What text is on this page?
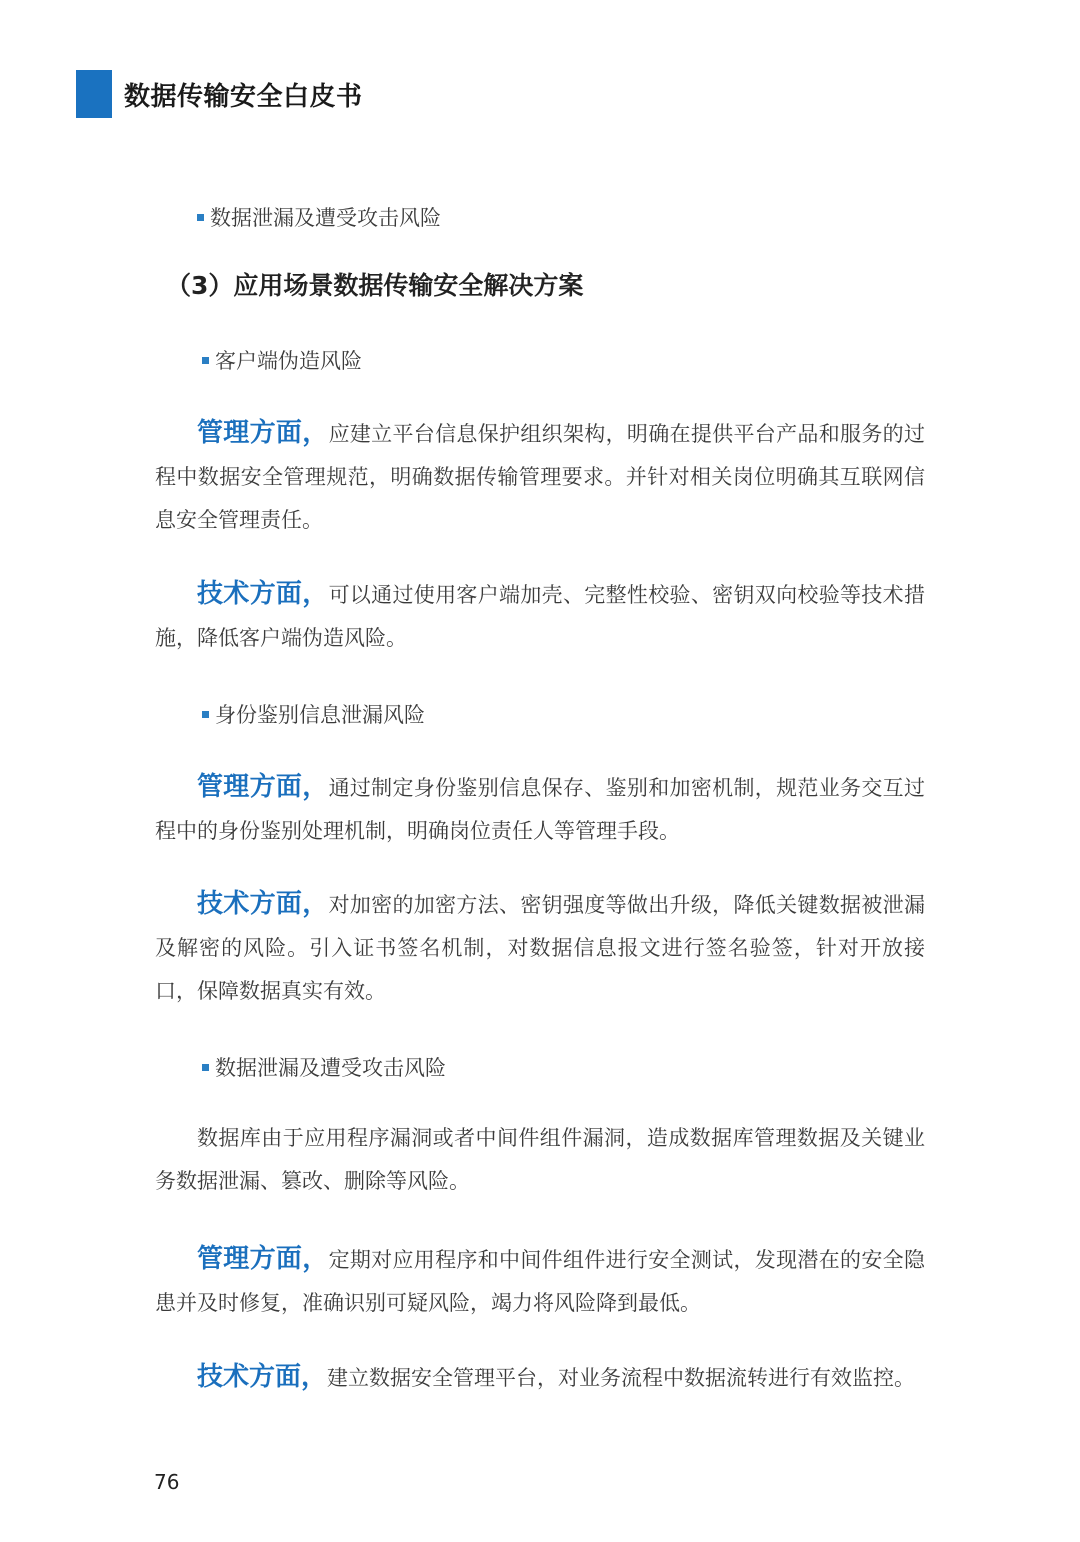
数据传输安全白皮书
数据泄漏及遭受攻击风险
（3）应用场景数据传输安全解决方案
客户端伪造风险
管理方面，应建立平台信息保护组织架构，明确在提供平台产品和服务的过程中数据安全管理规范，明确数据传输管理要求。并针对相关岗位明确其互联网信息安全管理责任。
技术方面，可以通过使用客户端加壳、完整性校验、密钥双向校验等技术措施，降低客户端伪造风险。
身份鉴别信息泄漏风险
管理方面，通过制定身份鉴别信息保存、鉴别和加密机制，规范业务交互过程中的身份鉴别处理机制，明确岗位责任人等管理手段。
技术方面，对加密的加密方法、密钥强度等做出升级，降低关键数据被泄漏及解密的风险。引入证书签名机制，对数据信息报文进行签名验签，针对开放接口，保障数据真实有效。
数据泄漏及遭受攻击风险
数据库由于应用程序漏洞或者中间件组件漏洞，造成数据库管理数据及关键业务数据泄漏、篡改、删除等风险。
管理方面，定期对应用程序和中间件组件进行安全测试，发现潜在的安全隐患并及时修复，准确识别可疑风险，竭力将风险降到最低。
技术方面，建立数据安全管理平台，对业务流程中数据流转进行有效监控。
76
